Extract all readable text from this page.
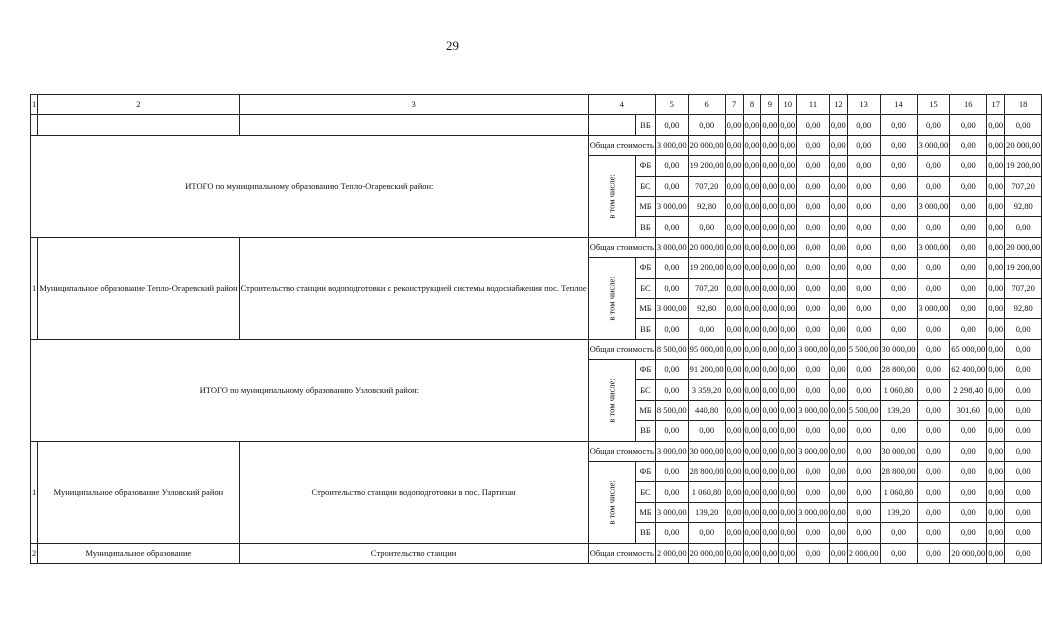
29
1	2	3	4		5	6	7	8	9	10	11	12	13	14	15	16	17	18
				ВБ	0,00	0,00	0,00	0,00	0,00	0,00	0,00	0,00	0,00	0,00	0,00	0,00	0,00	0,00
ИТОГО по муниципальному образованию Тепло-Огаревский район:			Общая стоимость		3 000,00	20 000,00	0,00	0,00	0,00	0,00	0,00	0,00	0,00	0,00	3 000,00	0,00	0,00	20 000,00
			в том числе:	ФБ	0,00	19 200,00	0,00	0,00	0,00	0,00	0,00	0,00	0,00	0,00	0,00	0,00	0,00	19 200,00
				БС	0,00	707,20	0,00	0,00	0,00	0,00	0,00	0,00	0,00	0,00	0,00	0,00	0,00	707,20
				МБ	3 000,00	92,80	0,00	0,00	0,00	0,00	0,00	0,00	0,00	0,00	3 000,00	0,00	0,00	92,80
				ВБ	0,00	0,00	0,00	0,00	0,00	0,00	0,00	0,00	0,00	0,00	0,00	0,00	0,00	0,00
1	Муниципальное образование Тепло-Огаревский район	Строительство станции водоподготовки с реконструкцией системы водоснабжения пос. Теплое	Общая стоимость		3 000,00	20 000,00	0,00	0,00	0,00	0,00	0,00	0,00	0,00	0,00	3 000,00	0,00	0,00	20 000,00
			в том числе:	ФБ	0,00	19 200,00	0,00	0,00	0,00	0,00	0,00	0,00	0,00	0,00	0,00	0,00	0,00	19 200,00
				БС	0,00	707,20	0,00	0,00	0,00	0,00	0,00	0,00	0,00	0,00	0,00	0,00	0,00	707,20
				МБ	3 000,00	92,80	0,00	0,00	0,00	0,00	0,00	0,00	0,00	0,00	3 000,00	0,00	0,00	92,80
				ВБ	0,00	0,00	0,00	0,00	0,00	0,00	0,00	0,00	0,00	0,00	0,00	0,00	0,00	0,00
ИТОГО по муниципальному образованию Узловский район:			Общая стоимость		8 500,00	95 000,00	0,00	0,00	0,00	0,00	3 000,00	0,00	5 500,00	30 000,00	0,00	65 000,00	0,00	0,00
			в том числе:	ФБ	0,00	91 200,00	0,00	0,00	0,00	0,00	0,00	0,00	0,00	28 800,00	0,00	62 400,00	0,00	0,00
				БС	0,00	3 359,20	0,00	0,00	0,00	0,00	0,00	0,00	0,00	1 060,80	0,00	2 298,40	0,00	0,00
				МБ	8 500,00	440,80	0,00	0,00	0,00	0,00	3 000,00	0,00	5 500,00	139,20	0,00	301,60	0,00	0,00
				ВБ	0,00	0,00	0,00	0,00	0,00	0,00	0,00	0,00	0,00	0,00	0,00	0,00	0,00	0,00
1	Муниципальное образование Узловский район	Строительство станции водоподготовки в пос. Партизан	Общая стоимость		3 000,00	30 000,00	0,00	0,00	0,00	0,00	3 000,00	0,00	0,00	30 000,00	0,00	0,00	0,00	0,00
			в том числе:	ФБ	0,00	28 800,00	0,00	0,00	0,00	0,00	0,00	0,00	0,00	28 800,00	0,00	0,00	0,00	0,00
				БС	0,00	1 060,80	0,00	0,00	0,00	0,00	0,00	0,00	0,00	1 060,80	0,00	0,00	0,00	0,00
				МБ	3 000,00	139,20	0,00	0,00	0,00	0,00	3 000,00	0,00	0,00	139,20	0,00	0,00	0,00	0,00
				ВБ	0,00	0,00	0,00	0,00	0,00	0,00	0,00	0,00	0,00	0,00	0,00	0,00	0,00	0,00
2	Муниципальное образование	Строительство станции	Общая стоимость		2 000,00	20 000,00	0,00	0,00	0,00	0,00	0,00	0,00	2 000,00	0,00	0,00	20 000,00	0,00	0,00
